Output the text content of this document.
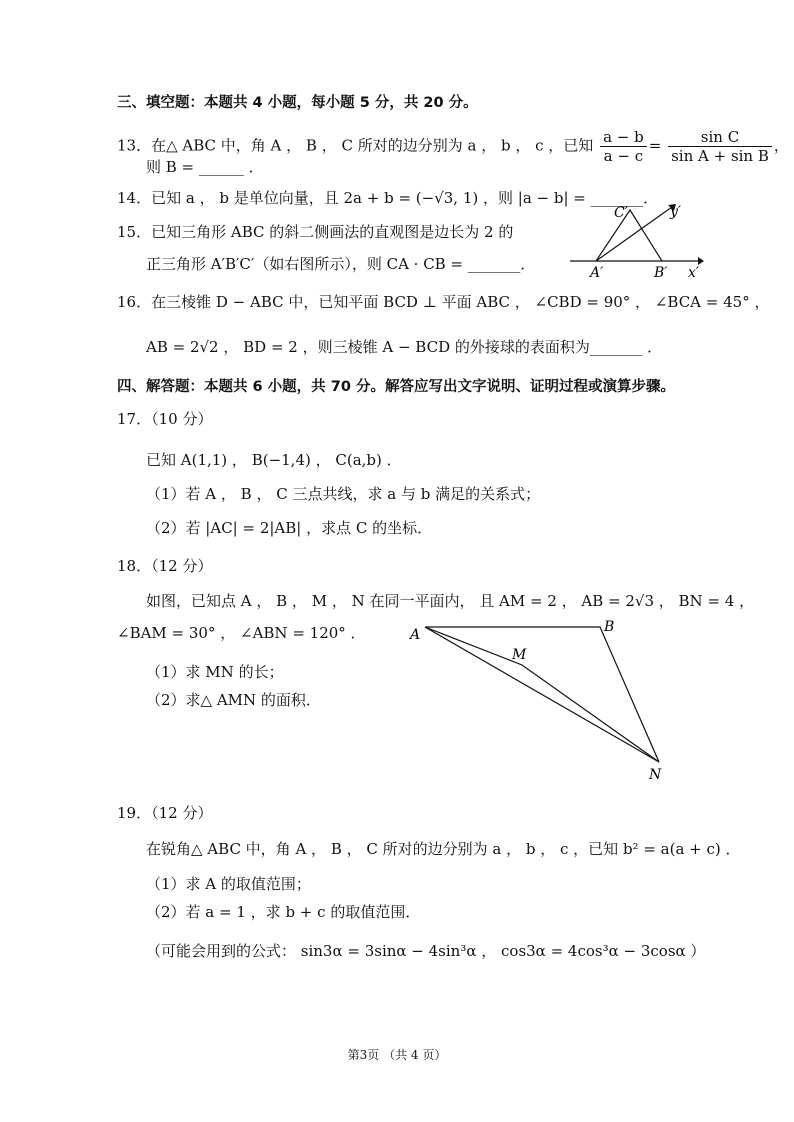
三、填空题：本题共 4 小题，每小题 5 分，共 20 分。
13．在△ ABC 中，角 A ， B ， C 所对的边分别为 a ， b ， c ，已知 $\frac{a - b}{a - c} = \frac{\text{sin C}}{\text{sin A + sin B}}$ ，
则 B = ______ ．
14．已知 a ， b 是单位向量，且 2a + b = (−√3, 1) ，则 |a − b| = _______．
15．已知三角形 ABC 的斜二侧画法的直观图是边长为 2 的
正三角形 A′B′C′（如右图所示），则 CA · CB = _______．
C′	y′
A′	B′ x′
16．在三棱锥 D − ABC 中，已知平面 BCD ⊥ 平面 ABC ， ∠CBD = 90° ， ∠BCA = 45° ，
AB = 2√2 ， BD = 2 ，则三棱锥 A − BCD 的外接球的表面积为_______ ．
四、解答题：本题共 6 小题，共 70 分。解答应写出文字说明、证明过程或演算步骤。
17．（10 分）
已知 A(1,1) ， B(−1,4) ， C(a,b) ．
（1）若 A ， B ， C 三点共线，求 a 与 b 满足的关系式；
（2）若 |AC| = 2|AB| ，求点 C 的坐标．
18．（12 分）
如图，已知点 A ， B ， M ， N 在同一平面内， 且 AM = 2 ， AB = 2√3 ， BN = 4 ，
∠BAM = 30° ， ∠ABN = 120° ．
（1）求 MN 的长；
（2）求△ AMN 的面积．
A	B
M
N
19．（12 分）
在锐角△ ABC 中，角 A ， B ， C 所对的边分别为 a ， b ， c ，已知 b² = a(a + c) ．
（1）求 A 的取值范围；
（2）若 a = 1 ，求 b + c 的取值范围．
（可能会用到的公式： sin3α = 3sinα − 4sin³α ， cos3α = 4cos³α − 3cosα ）
第3页 （共 4 页）
